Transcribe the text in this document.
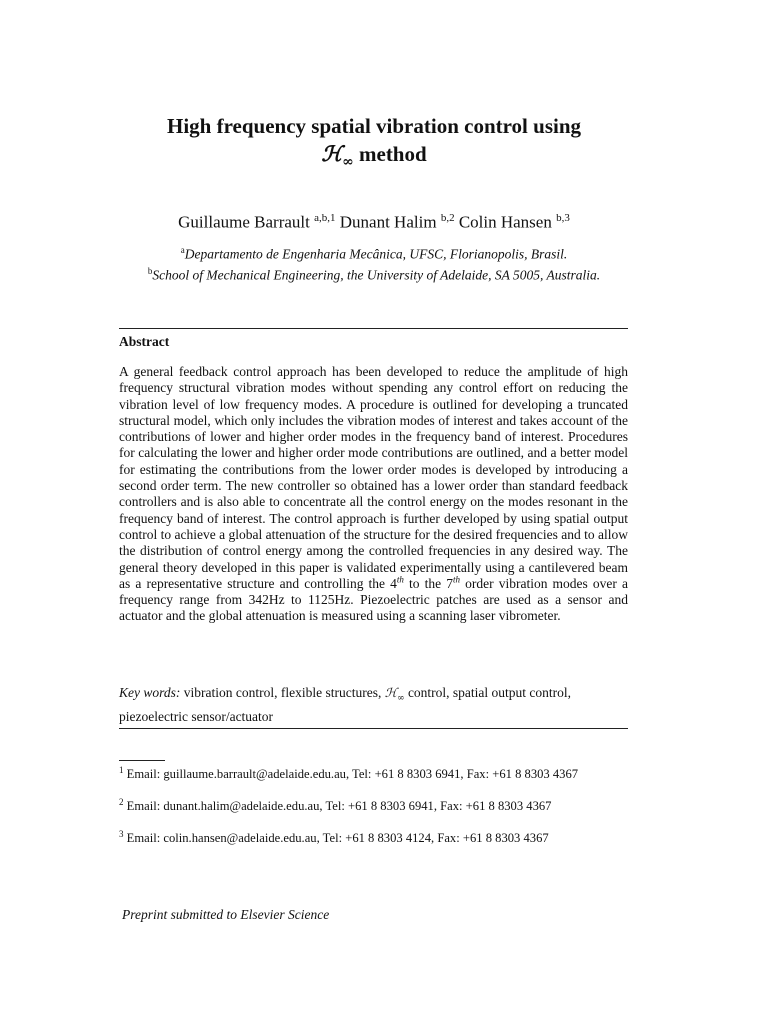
High frequency spatial vibration control using
ℋ$_\infty$ method
Guillaume Barrault $^{a,b,1}$ Dunant Halim $^{b,2}$ Colin Hansen $^{b,3}$
$^a$Departamento de Engenharia Mecânica, UFSC, Florianopolis, Brasil.
$^b$School of Mechanical Engineering, the University of Adelaide, SA 5005, Australia.
Abstract
A general feedback control approach has been developed to reduce the amplitude of high frequency structural vibration modes without spending any control effort on reducing the vibration level of low frequency modes. A procedure is outlined for developing a truncated structural model, which only includes the vibration modes of interest and takes account of the contributions of lower and higher order modes in the frequency band of interest. Procedures for calculating the lower and higher order mode contributions are outlined, and a better model for estimating the contributions from the lower order modes is developed by introducing a second order term. The new controller so obtained has a lower order than standard feedback controllers and is also able to concentrate all the control energy on the modes resonant in the frequency band of interest. The control approach is further developed by using spatial output control to achieve a global attenuation of the structure for the desired frequencies and to allow the distribution of control energy among the controlled frequencies in any desired way. The general theory developed in this paper is validated experimentally using a cantilevered beam as a representative structure and controlling the 4th to the 7th order vibration modes over a frequency range from 342Hz to 1125Hz. Piezoelectric patches are used as a sensor and actuator and the global attenuation is measured using a scanning laser vibrometer.
Key words: vibration control, flexible structures, ℋ$_\infty$ control, spatial output control, piezoelectric sensor/actuator
$^1$ Email: guillaume.barrault@adelaide.edu.au, Tel: +61 8 8303 6941, Fax: +61 8 8303 4367
$^2$ Email: dunant.halim@adelaide.edu.au, Tel: +61 8 8303 6941, Fax: +61 8 8303 4367
$^3$ Email: colin.hansen@adelaide.edu.au, Tel: +61 8 8303 4124, Fax: +61 8 8303 4367
Preprint submitted to Elsevier Science
